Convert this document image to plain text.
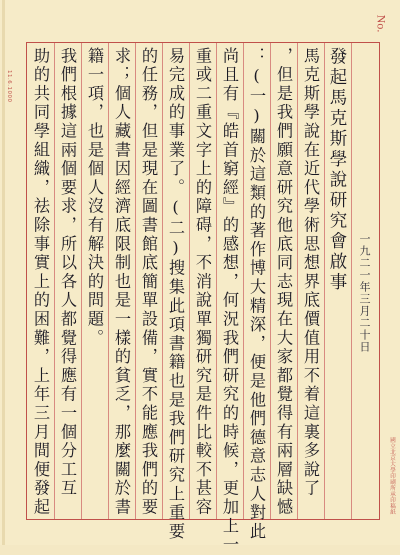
No.
11.6.1000
一九二一年三月二十日
發起馬克斯學說研究會啟事
馬克斯學說在近代學術思想界底價值用不着這裏多說了
，但是我們願意研究他底同志現在大家都覺得有兩層缺憾
：(一)關於這類的著作博大精深，便是他們德意志人對此
尚且有『皓首窮經』的感想，何況我們研究的時候，更加上一
重或二重文字上的障碍，不消說單獨研究是件比較不甚容
易完成的事業了。(二)搜集此項書籍也是我們研究上重要
的任務，但是現在圖書館底簡單設備，實不能應我們的要
求；個人藏書因經濟底限制也是一樣的貧乏，那麼關於書
籍一項，也是個人沒有解決的問題。
我們根據這兩個要求，所以各人都覺得應有一個分工互
助的共同學組織，祛除事實上的困難，上年三月間便發起	國立北京大學印刷所承印稿紙
